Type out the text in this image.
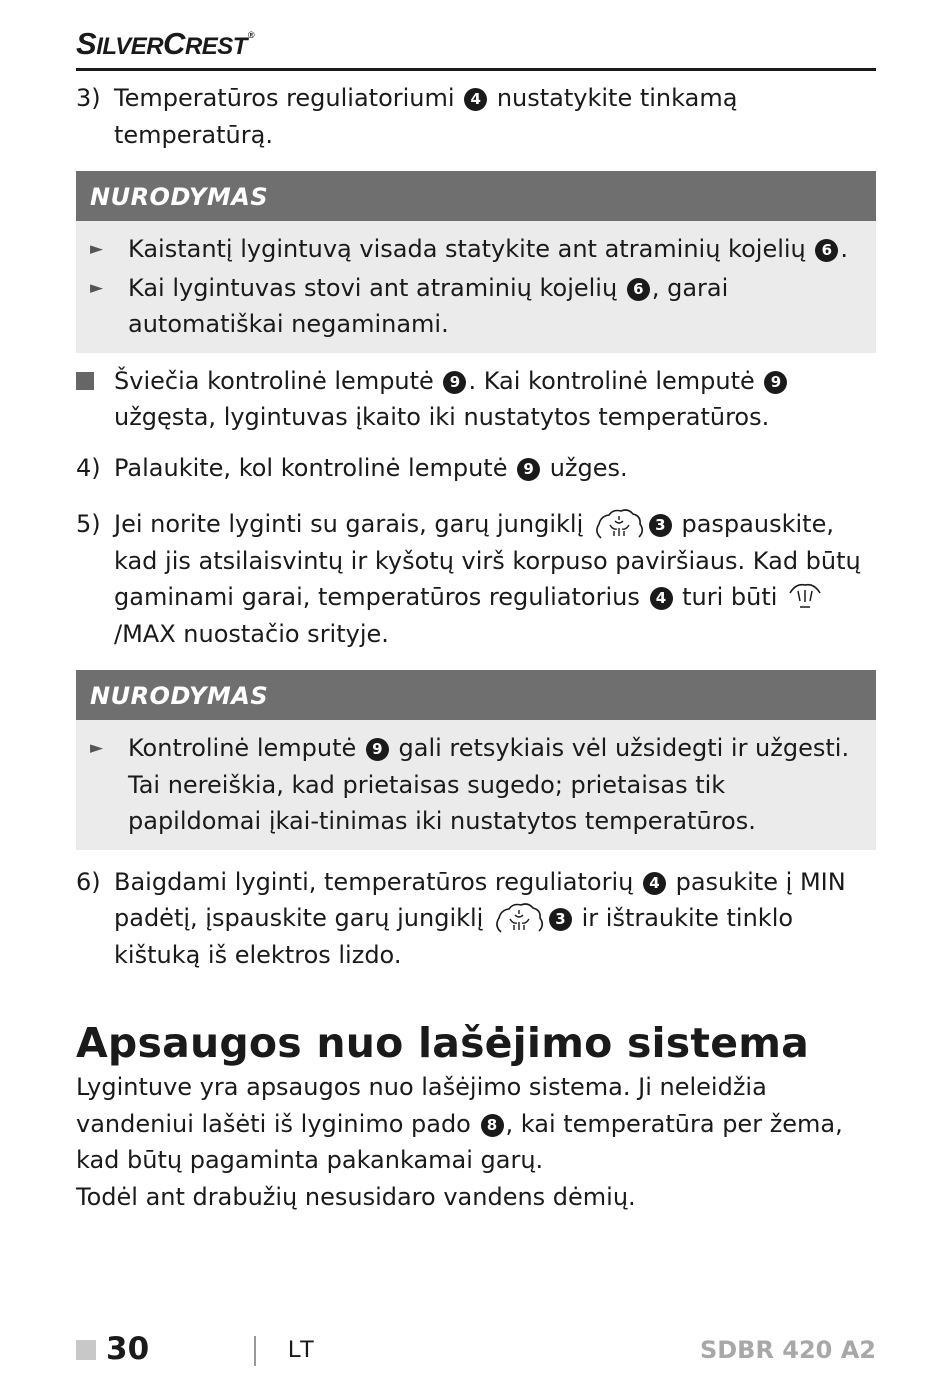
SILVERCREST®
3) Temperatūros reguliatoriumi 4 nustatykite tinkamą temperatūrą.
NURODYMAS
►	Kaistantį lygintuvą visada statykite ant atraminių kojelių 6 .
►	Kai lygintuvas stovi ant atraminių kojelių 6 , garai automatiškai negaminami.
Šviečia kontrolinė lemputė 9 . Kai kontrolinė lemputė 9 užgęsta, lygintuvas įkaito iki nustatytos temperatūros.
4) Palaukite, kol kontrolinė lemputė 9 užges.
5) Jei norite lyginti su garais, garų jungiklį	3 paspauskite, kad jis atsilaisvintų ir kyšotų virš korpuso paviršiaus. Kad būtų gaminami garai, temperatūros reguliatorius 4 turi būti /MAX nuostačio srityje.
NURODYMAS
►	Kontrolinė lemputė 9 gali retsykiais vėl užsidegti ir užgesti. Tai nereiškia, kad prietaisas sugedo; prietaisas tik papildomai įkai-tinimas iki nustatytos temperatūros.
6) Baigdami lyginti, temperatūros reguliatorių 4 pasukite į MIN padėtį, įspauskite garų jungiklį	3 ir ištraukite tinklo kištuką iš elektros lizdo.
Apsaugos nuo lašėjimo sistema

Lygintuve yra apsaugos nuo lašėjimo sistema. Ji neleidžia vandeniui lašėti iš lyginimo pado 8 , kai temperatūra per žema, kad būtų pagaminta pakankamai garų.

Todėl ant drabužių nesusidaro vandens dėmių.

30	LT	SDBR 420 A2
